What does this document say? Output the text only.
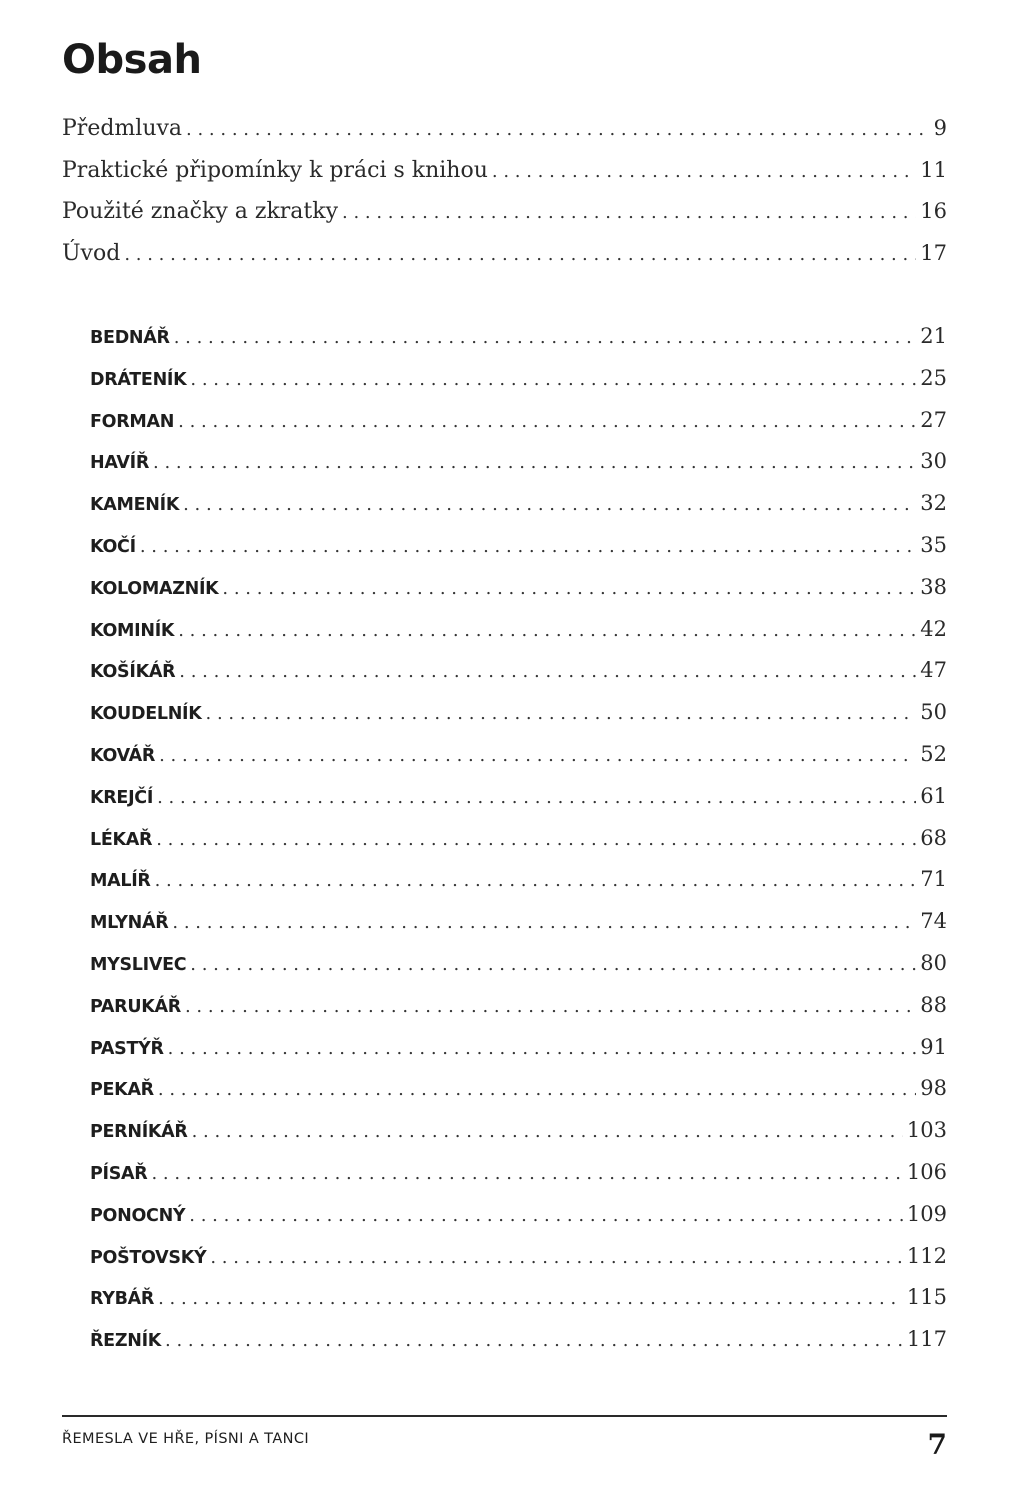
Obsah
Předmluva . . .	9
Praktické připomínky k práci s knihou . . .	11
Použité značky a zkratky . . .	16
Úvod . . .	17
BEDNÁŘ . . .	21
DRÁTENÍK . . .	25
FORMAN . . .	27
HAVÍŘ . . .	30
KAMENÍK . . .	32
KOČÍ . . .	35
KOLOMAZNÍK . . .	38
KOMINÍK . . .	42
KOŠÍKÁŘ . . .	47
KOUDELNÍK . . .	50
KOVÁŘ . . .	52
KREJČÍ . . .	61
LÉKAŘ . . .	68
MALÍŘ . . .	71
MLYNÁŘ . . .	74
MYSLIVEC . . .	80
PARUKÁŘ . . .	88
PASTÝŘ . . .	91
PEKAŘ . . .	98
PERNÍKÁŘ . . .	103
PÍSAŘ . . .	106
PONOCNÝ . . .	109
POŠTOVSKÝ . . .	112
RYBÁŘ . . .	115
ŘEZNÍK . . .	117
ŘEMESLA VE HŘE, PÍSNI A TANCI	7
